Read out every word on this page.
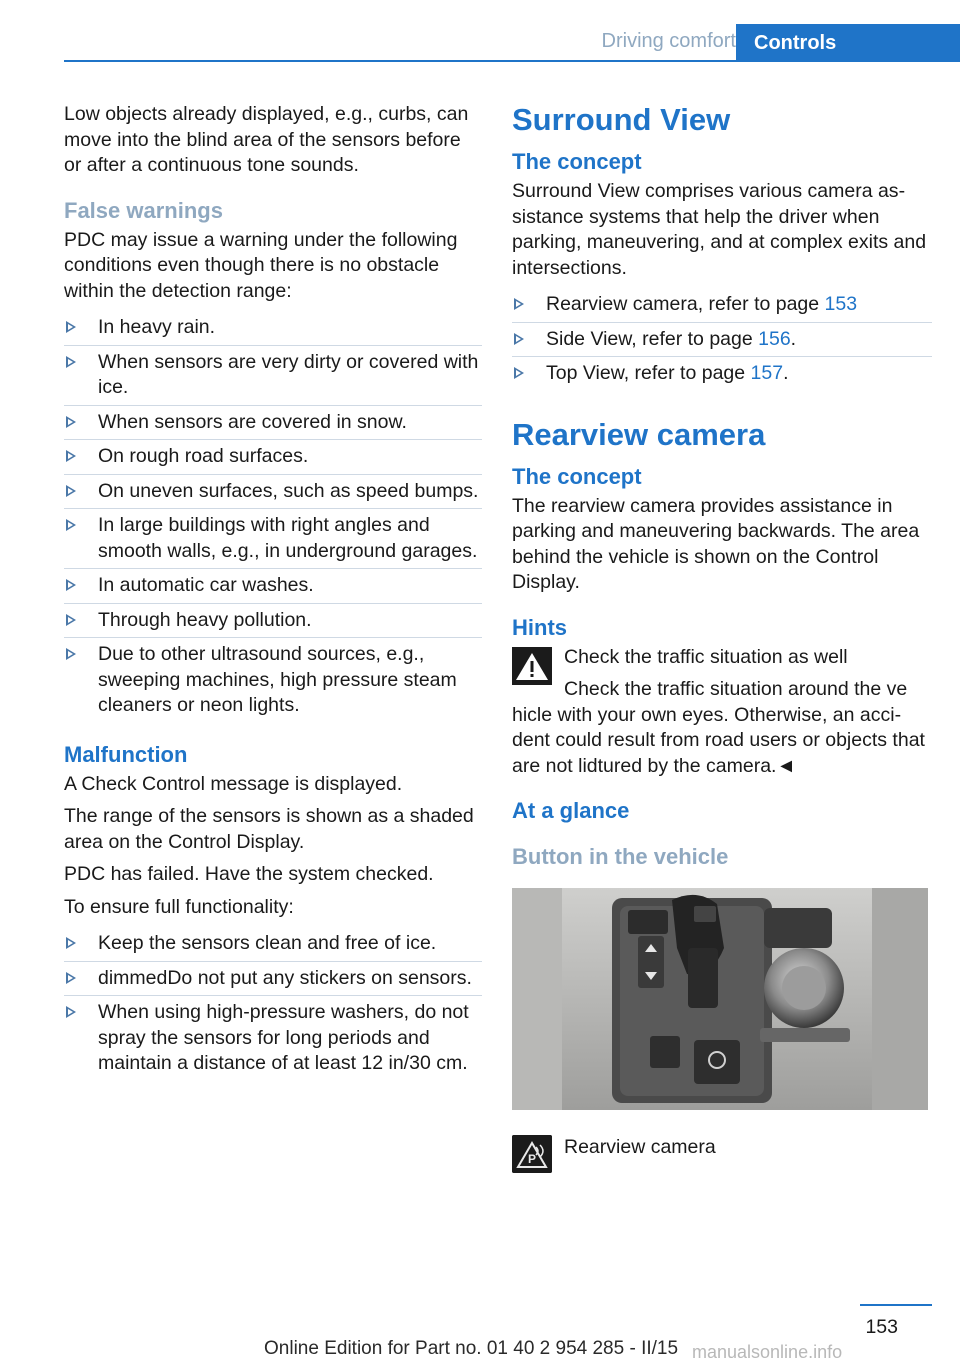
Driving comfort Controls

Low objects already displayed, e.g., curbs, can move into the blind area of the sensors before or after a continuous tone sounds.

False warnings

PDC may issue a warning under the following conditions even though there is no obstacle within the detection range:

In heavy rain.
When sensors are very dirty or covered with ice.
When sensors are covered in snow.
On rough road surfaces.
On uneven surfaces, such as speed bumps.
In large buildings with right angles and smooth walls, e.g., in underground garages.
In automatic car washes.
Through heavy pollution.
Due to other ultrasound sources, e.g., sweeping machines, high pressure steam cleaners or neon lights.
Malfunction

A Check Control message is displayed.

The range of the sensors is shown as a shaded area on the Control Display.

PDC has failed. Have the system checked.

To ensure full functionality:

Keep the sensors clean and free of ice.
dimmedDo not put any stickers on sensors.
When using high-pressure washers, do not spray the sensors for long periods and maintain a distance of at least 12 in/30 cm.
Surround View
The concept

Surround View comprises various camera assistance systems that help the driver when parking, maneuvering, and at complex exits and intersections.

Rearview camera, refer to page 153
Side View, refer to page 156.
Top View, refer to page 157.
Rearview camera
The concept

The rearview camera provides assistance in parking and maneuvering backwards. The area behind the vehicle is shown on the Control Display.

Hints

Check the traffic situation as well

Check the traffic situation around the ve

hicle with your own eyes. Otherwise, an accident could result from road users or objects that are not lidtured by the camera.◄

At a glance
Button in the vehicle
P

Rearview camera

153
Online Edition for Part no. 01 40 2 954 285 - II/15 manualsonline.info
